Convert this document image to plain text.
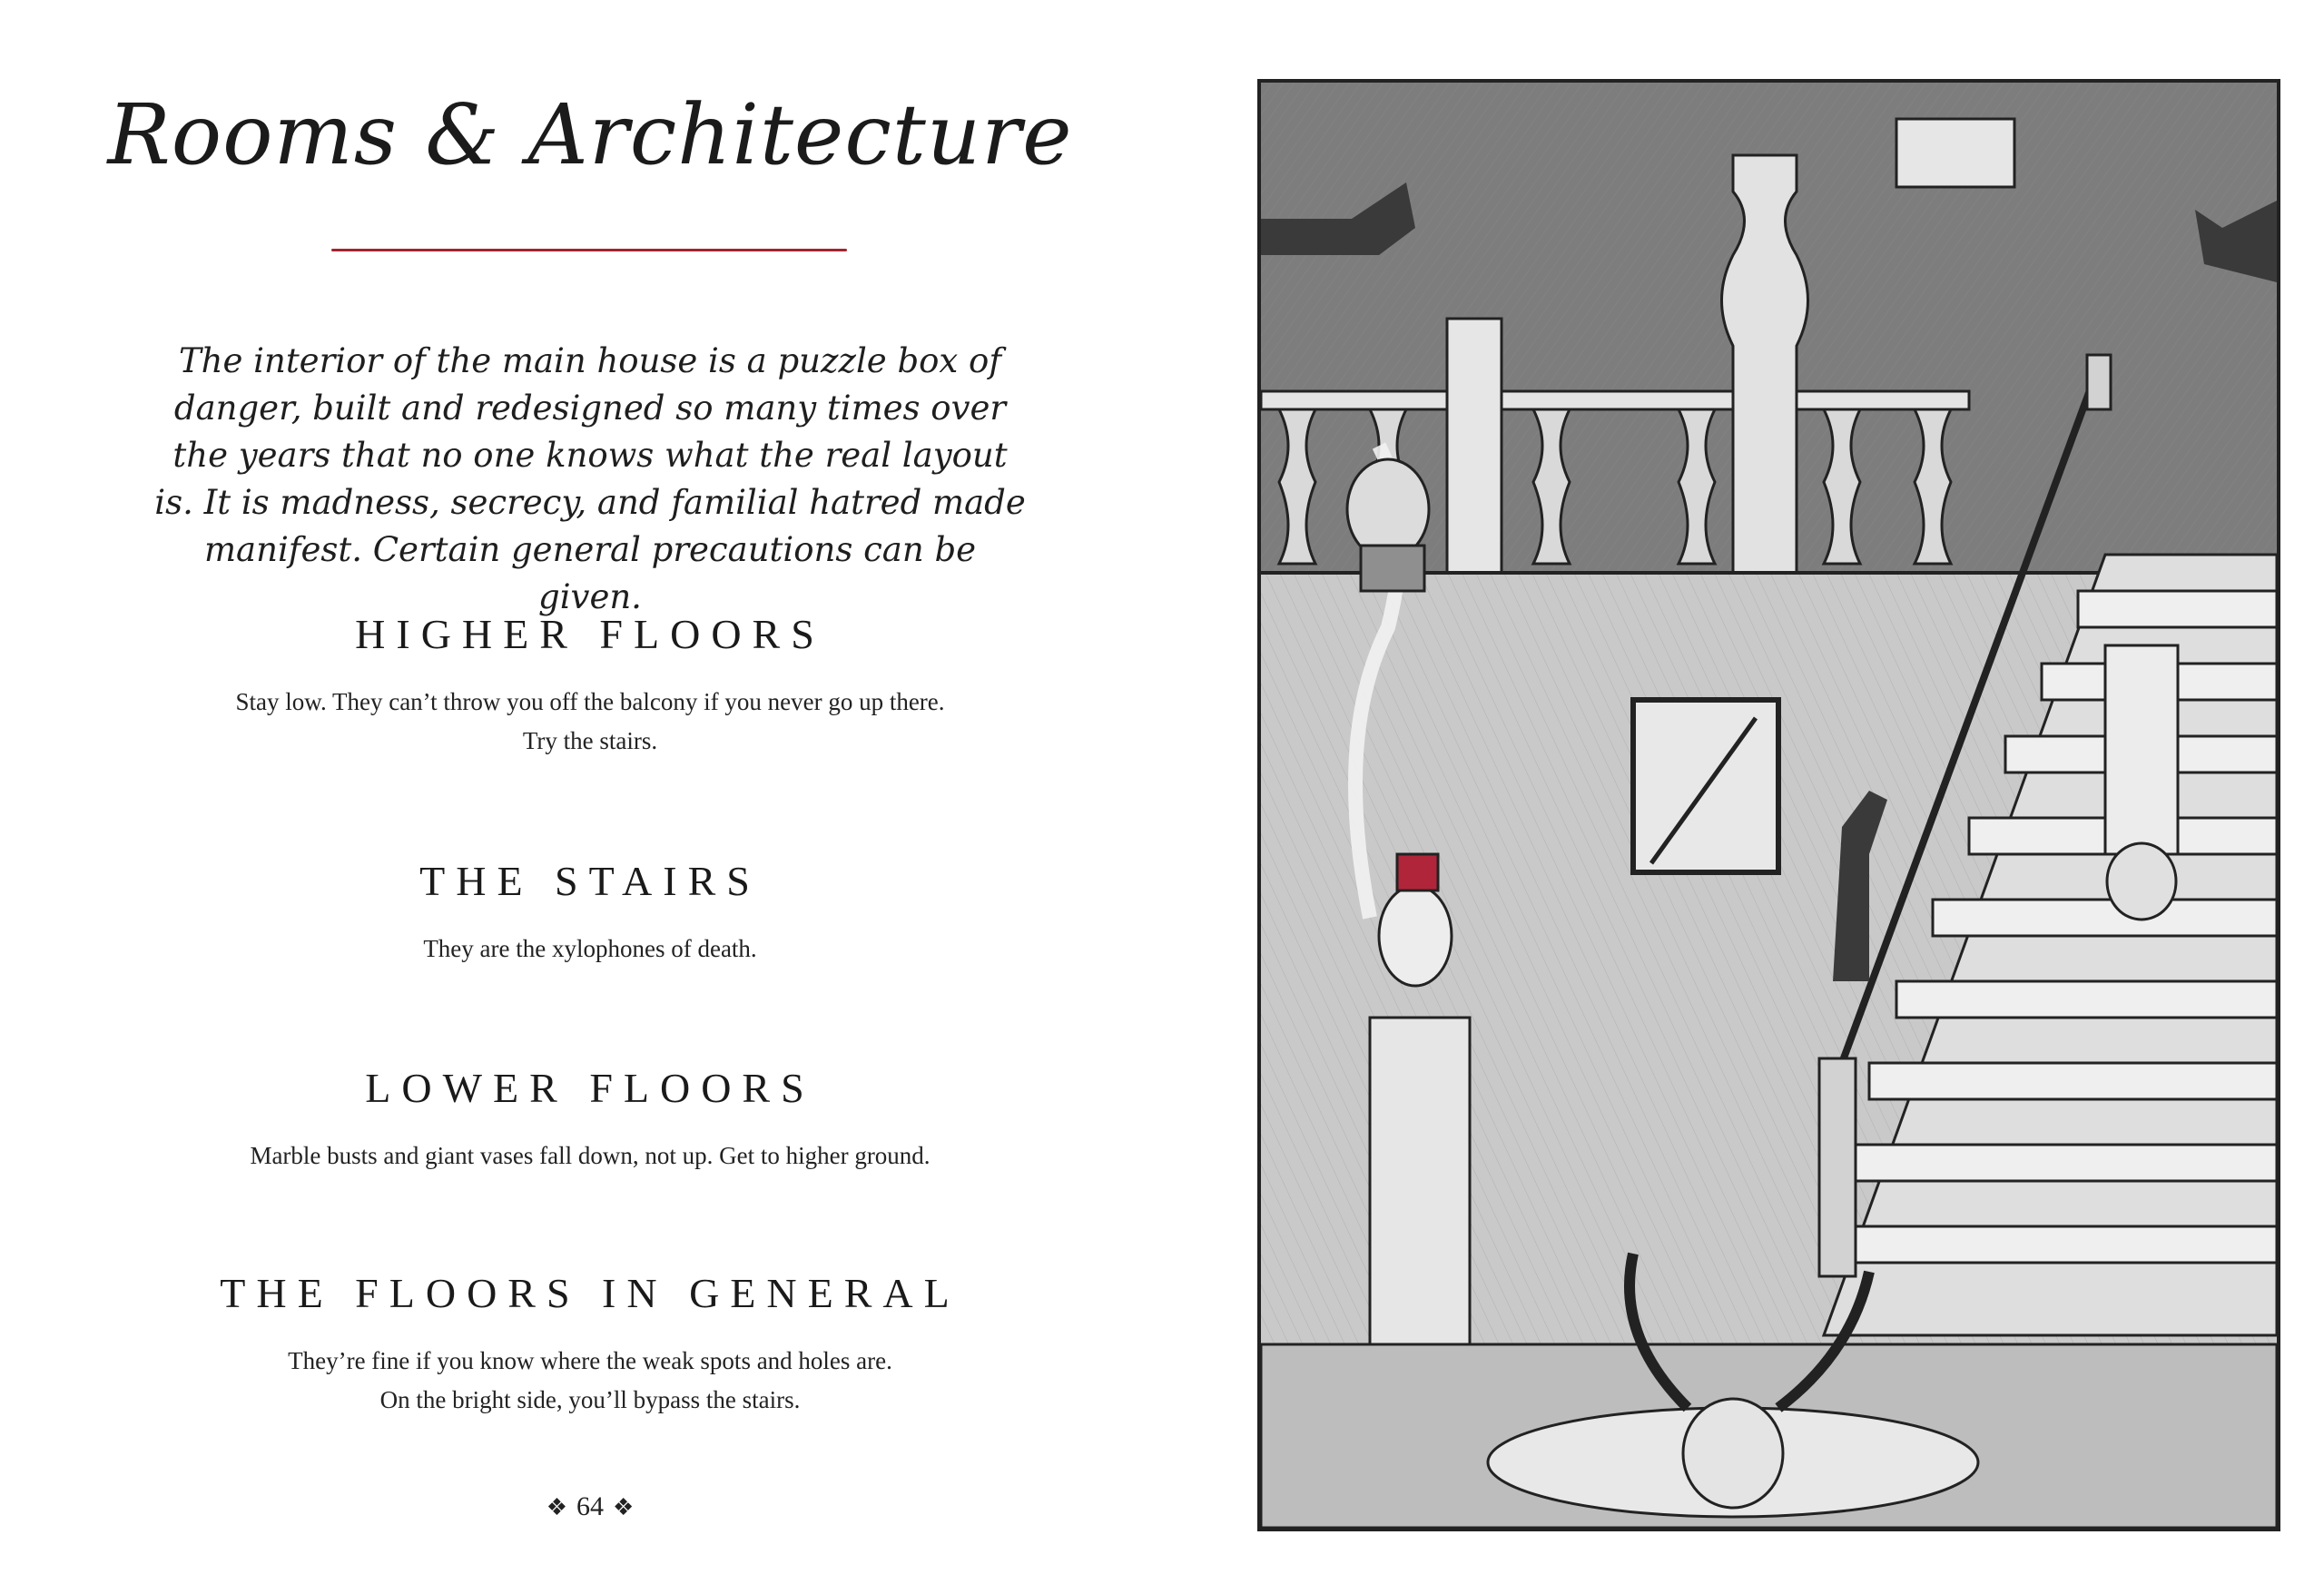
Rooms & Architecture
The interior of the main house is a puzzle box of danger, built and redesigned so many times over the years that no one knows what the real layout is. It is madness, secrecy, and familial hatred made manifest. Certain general precautions can be given.
HIGHER FLOORS
Stay low. They can’t throw you off the balcony if you never go up there.
Try the stairs.
THE STAIRS
They are the xylophones of death.
LOWER FLOORS
Marble busts and giant vases fall down, not up. Get to higher ground.
THE FLOORS IN GENERAL
They’re fine if you know where the weak spots and holes are.
On the bright side, you’ll bypass the stairs.
❖ 64 ❖
